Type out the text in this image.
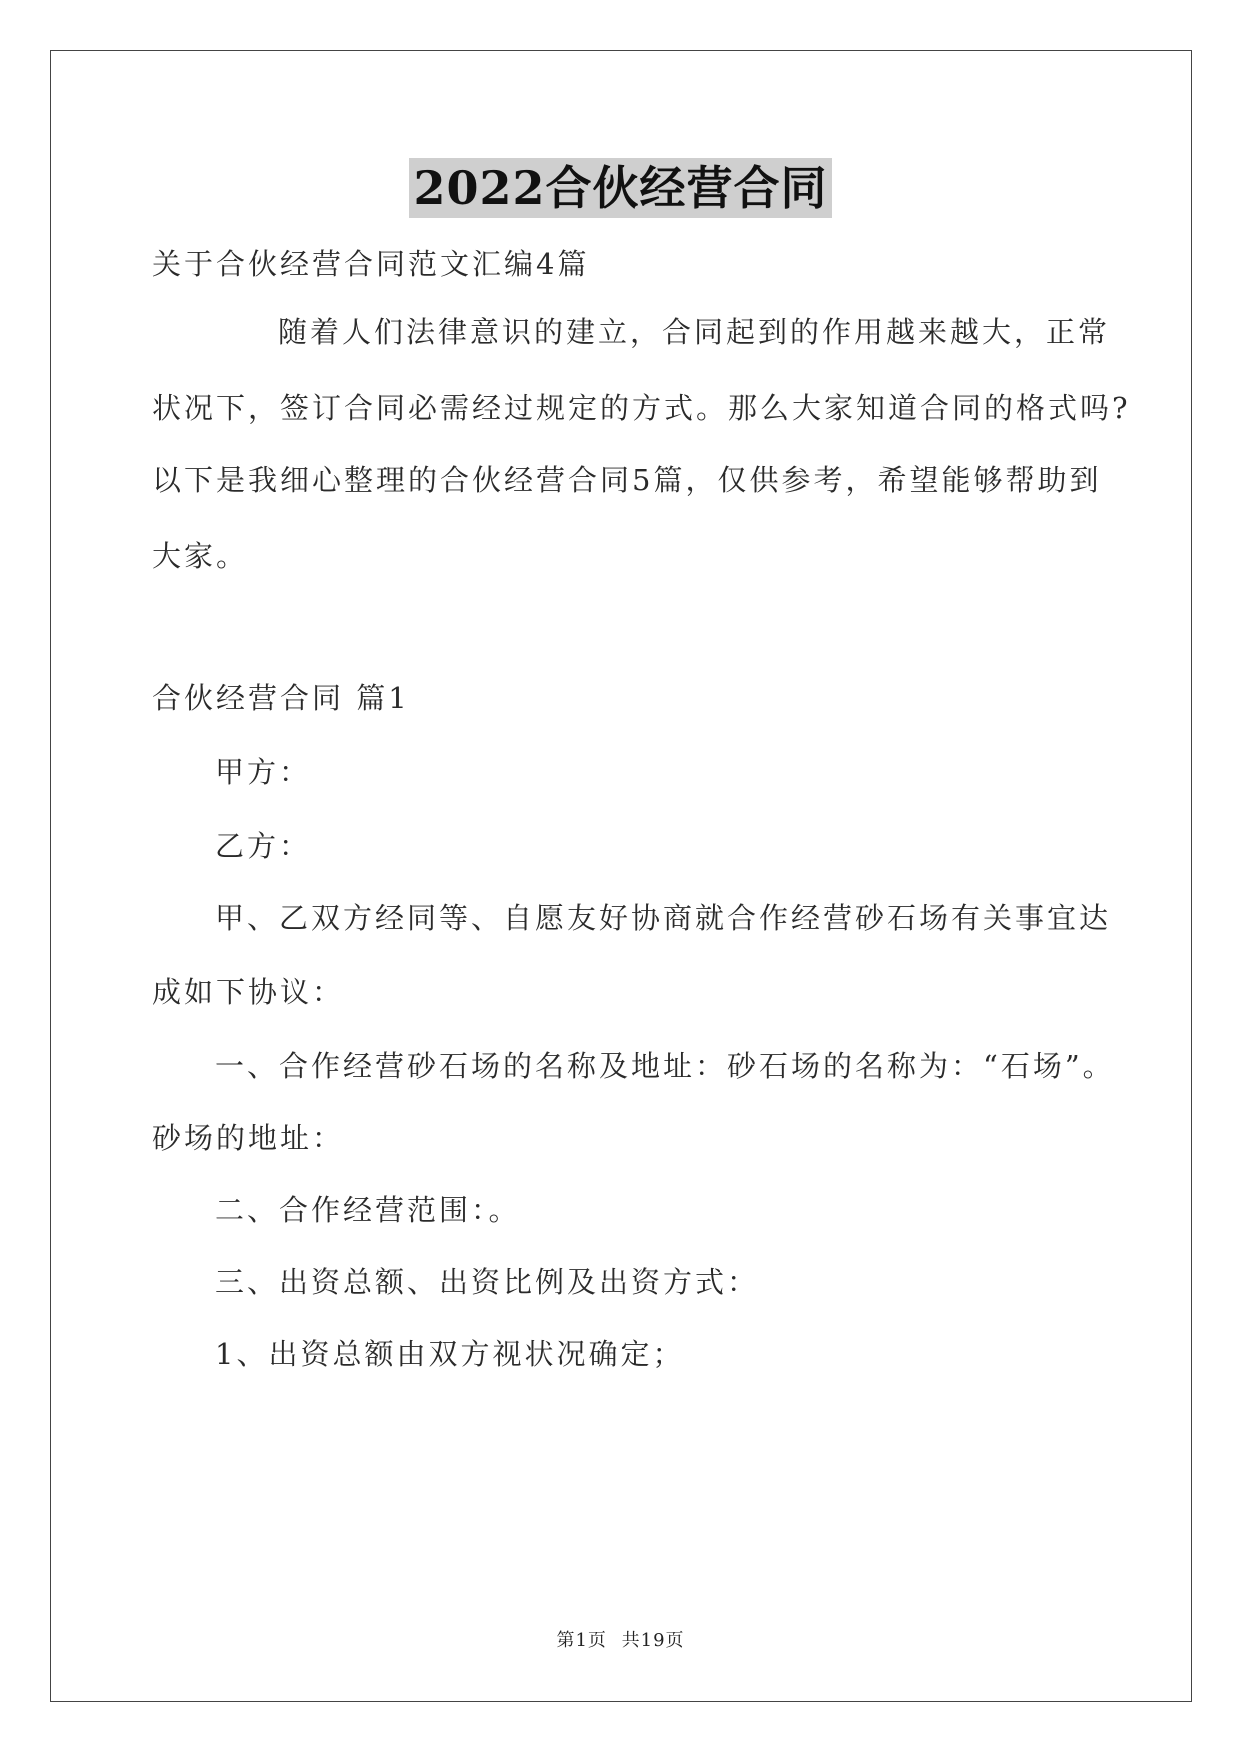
2022合伙经营合同
关于合伙经营合同范文汇编4篇
随着人们法律意识的建立，合同起到的作用越来越大，正常
状况下，签订合同必需经过规定的方式。那么大家知道合同的格式吗?
以下是我细心整理的合伙经营合同5篇，仅供参考，希望能够帮助到
大家。
合伙经营合同 篇1
甲方：
乙方：
甲、乙双方经同等、自愿友好协商就合作经营砂石场有关事宜达
成如下协议：
一、合作经营砂石场的名称及地址：砂石场的名称为：“石场”。
砂场的地址：
二、合作经营范围：。
三、出资总额、出资比例及出资方式：
1、出资总额由双方视状况确定；
第1页 共19页
